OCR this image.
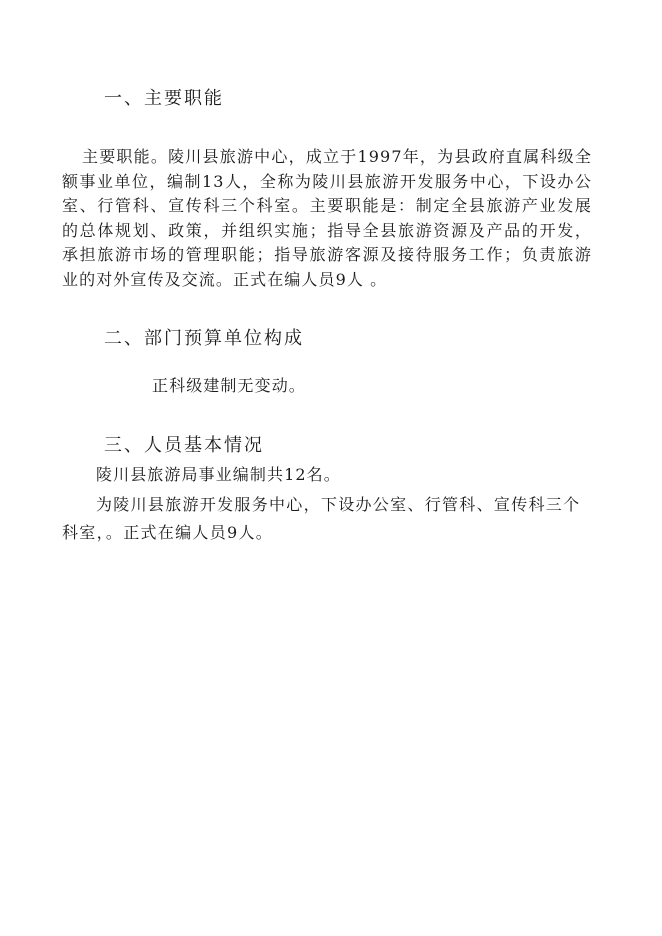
一、主要职能
主要职能。陵川县旅游中心，成立于1997年，为县政府直属科级全额事业单位，编制13人，全称为陵川县旅游开发服务中心，下设办公室、行管科、宣传科三个科室。主要职能是：制定全县旅游产业发展的总体规划、政策，并组织实施；指导全县旅游资源及产品的开发，承担旅游市场的管理职能；指导旅游客源及接待服务工作；负责旅游业的对外宣传及交流。正式在编人员9人 。
二、部门预算单位构成
正科级建制无变动。
三、人员基本情况
陵川县旅游局事业编制共12名。
为陵川县旅游开发服务中心，下设办公室、行管科、宣传科三个科室，。正式在编人员9人。
